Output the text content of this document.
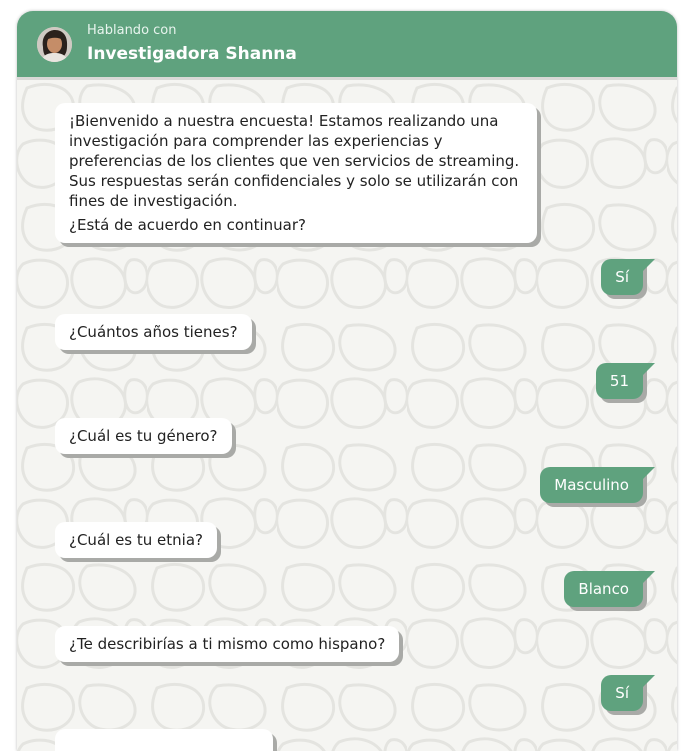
Hablando con
Investigadora Shanna
¡Bienvenido a nuestra encuesta! Estamos realizando una
investigación para comprender las experiencias y
preferencias de los clientes que ven servicios de streaming.
Sus respuestas serán confidenciales y solo se utilizarán con
fines de investigación.
¿Está de acuerdo en continuar?
Sí
¿Cuántos años tienes?
51
¿Cuál es tu género?
Masculino
¿Cuál es tu etnia?
Blanco
¿Te describirías a ti mismo como hispano?
Sí
